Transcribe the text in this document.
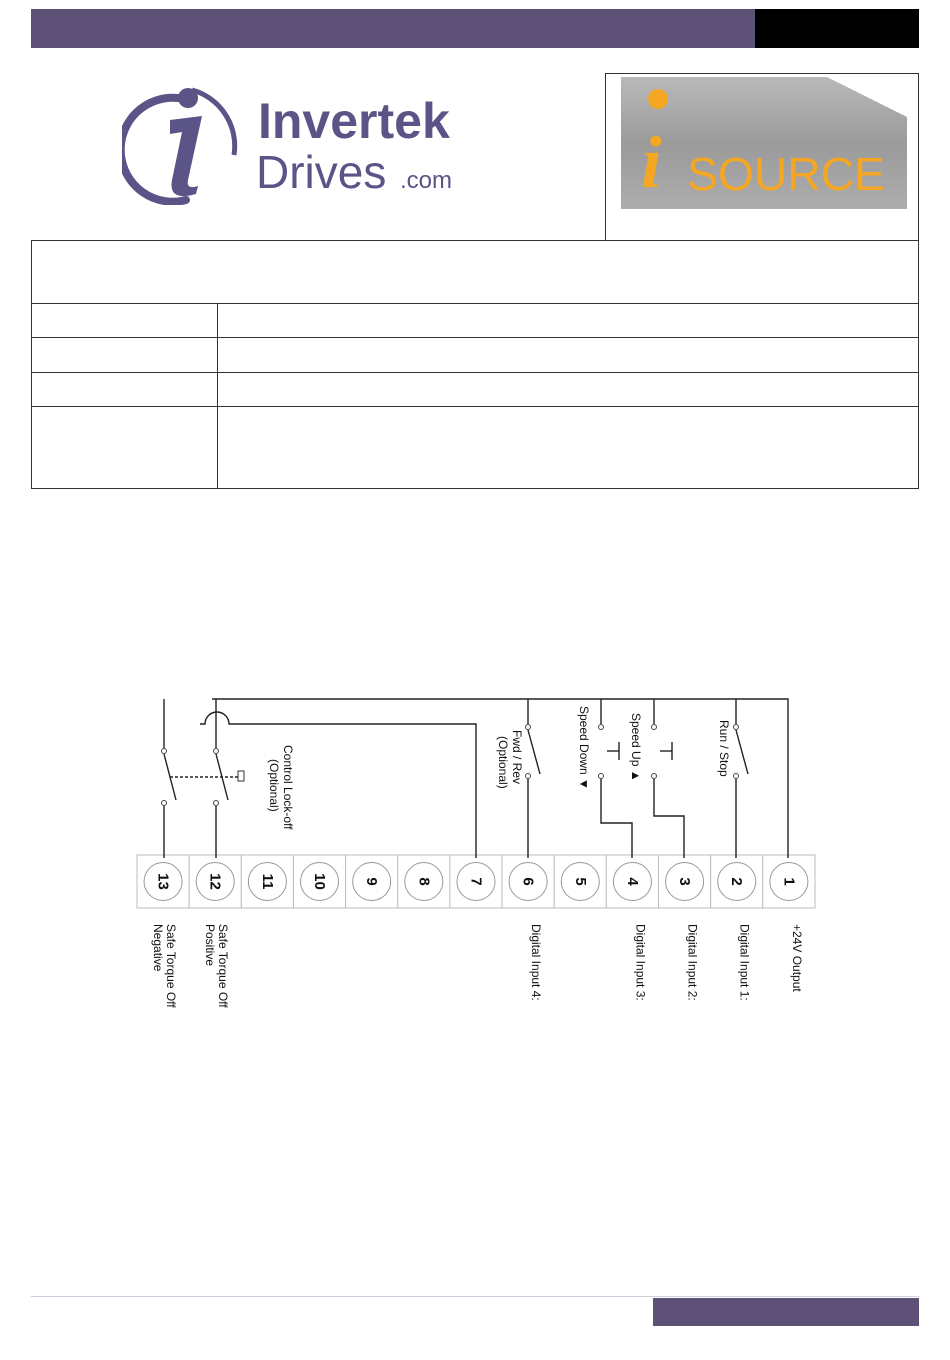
Invertek
Drives .com	i SOURCE
13 12 11 10 9 8 7 6 5 4 3 2 1
Run / Stop
Speed Up ▲
Speed Down ▼
Fwd / Rev
(Optional)
Control Lock-off
(Optional)
Safe Torque Off
Negative	Safe Torque Off
Positive	Digital Input 4:	Digital Input 3:	Digital Input 2:	Digital Input 1:	+24V Output
